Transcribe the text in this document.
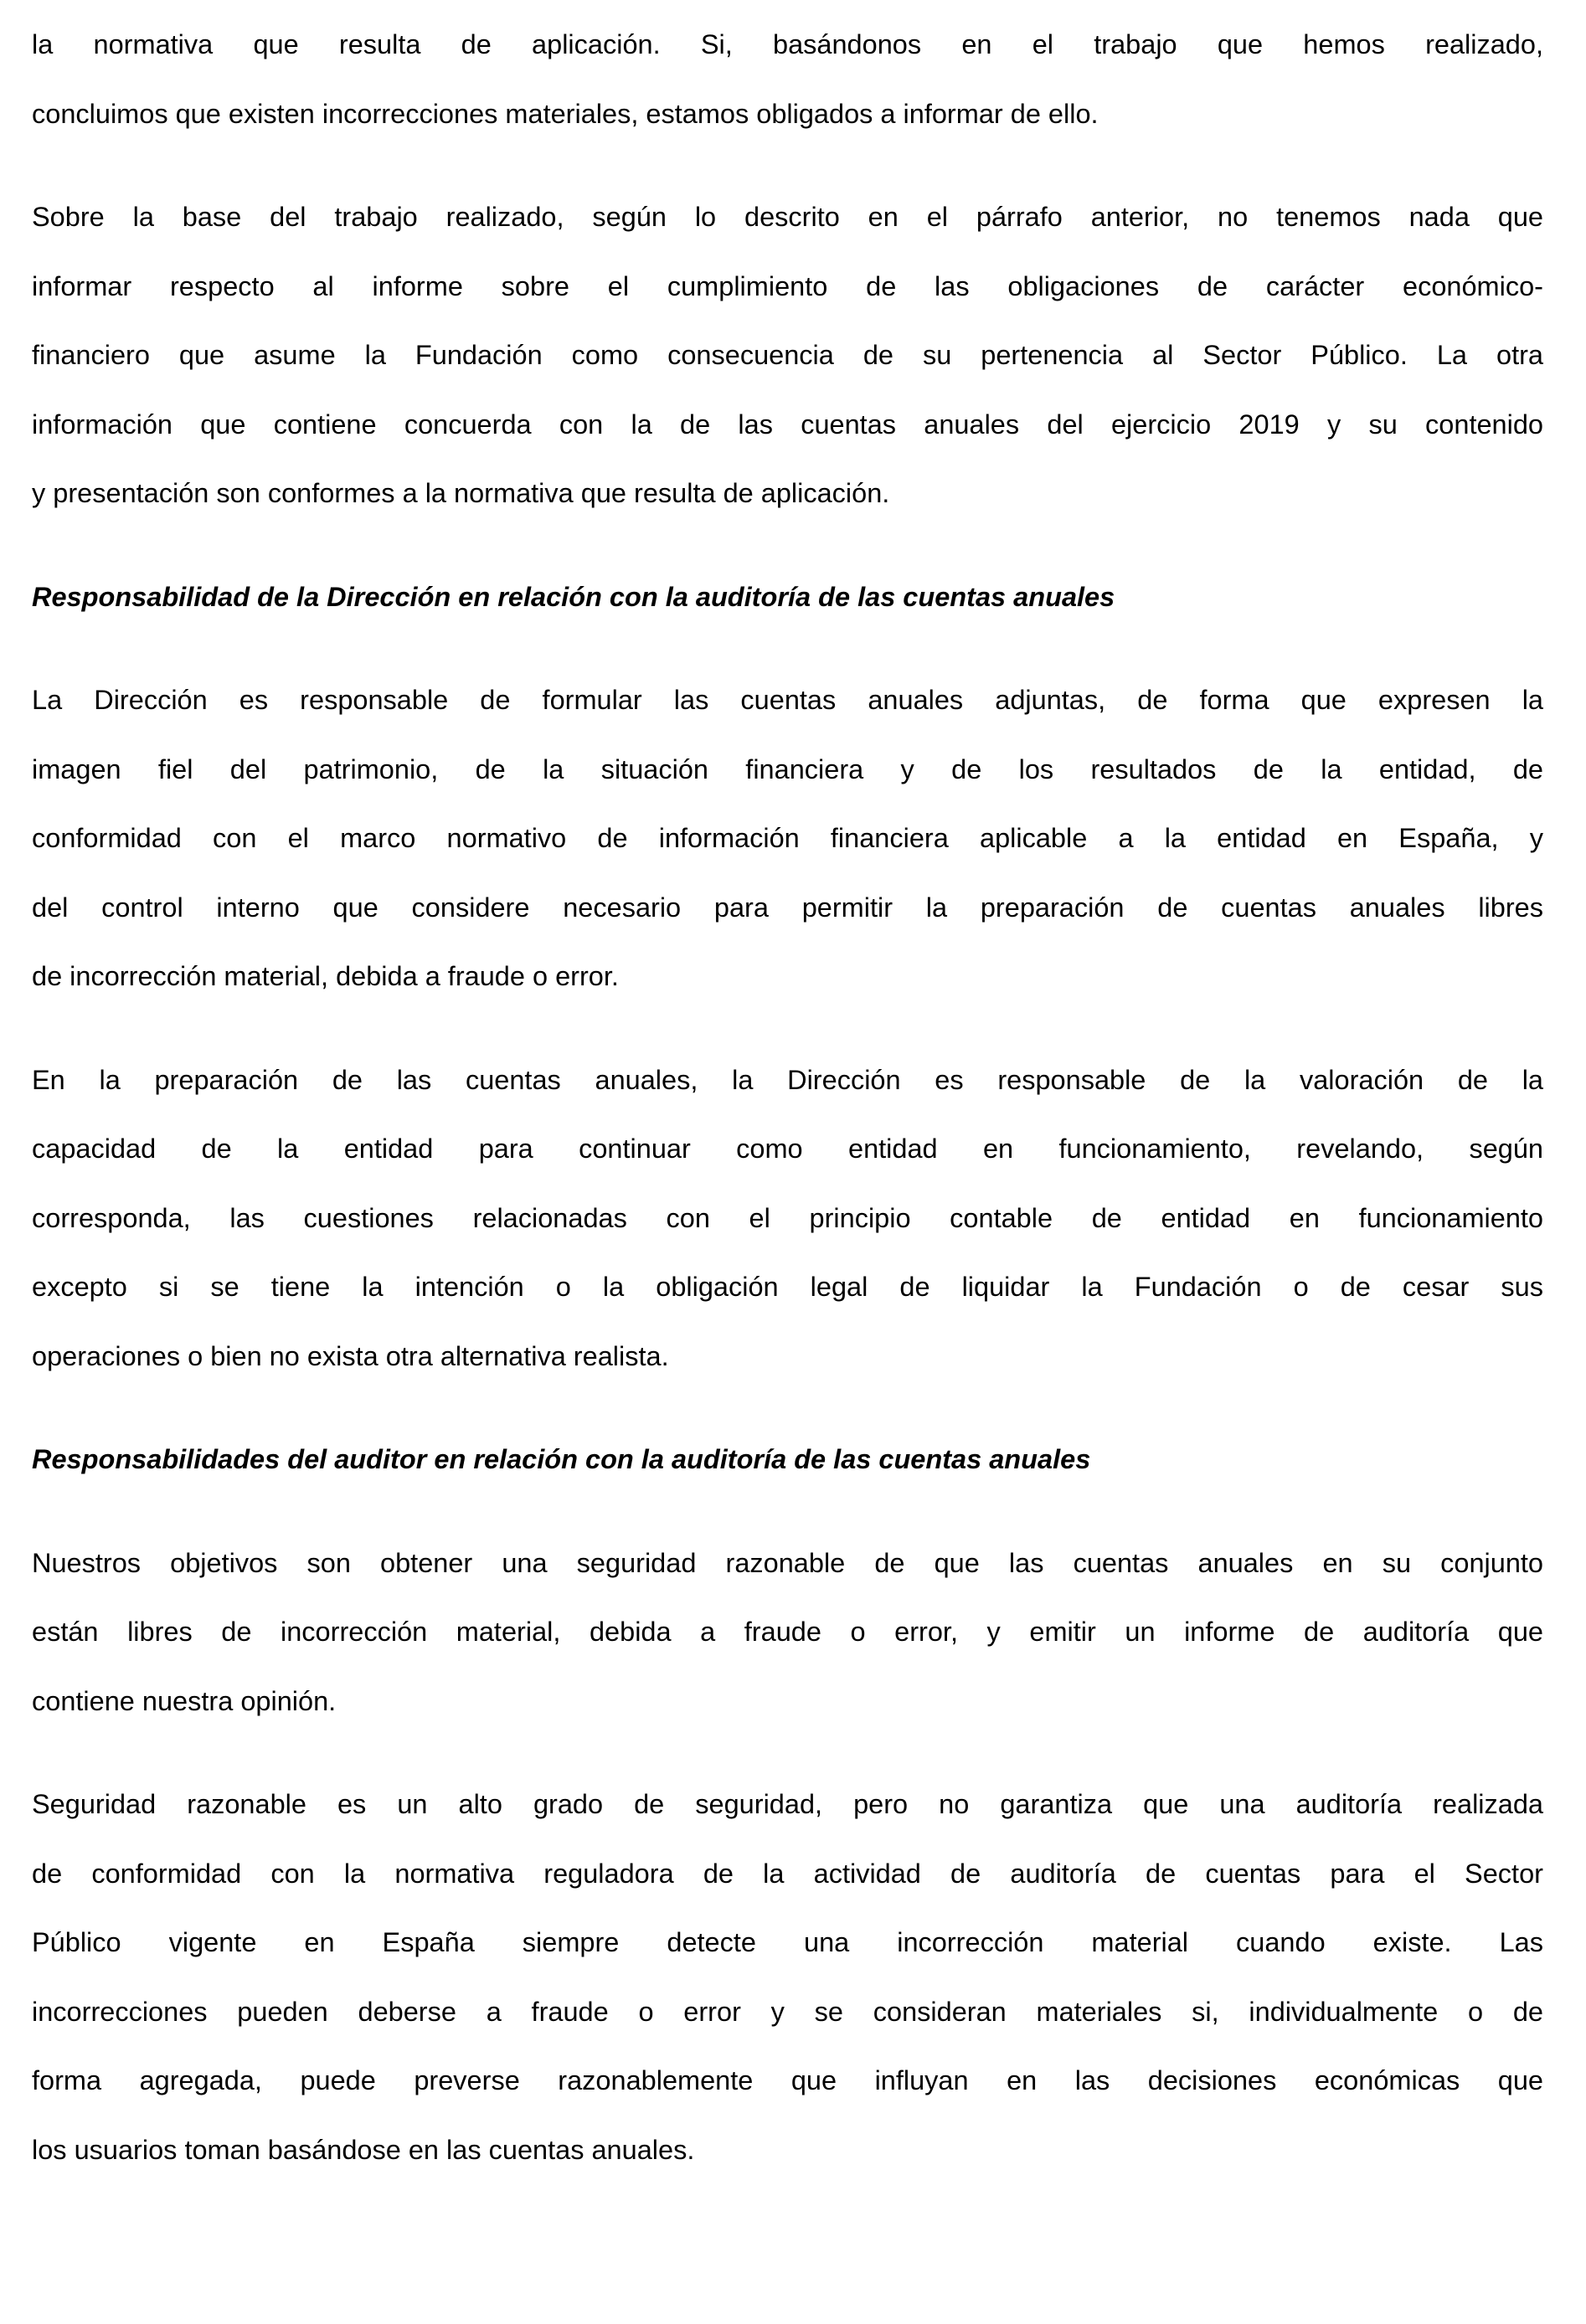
la normativa que resulta de aplicación. Si, basándonos en el trabajo que hemos realizado,
concluimos que existen incorrecciones materiales, estamos obligados a informar de ello.
Sobre la base del trabajo realizado, según lo descrito en el párrafo anterior, no tenemos nada que
informar respecto al informe sobre el cumplimiento de las obligaciones de carácter económico-
financiero que asume la Fundación como consecuencia de su pertenencia al Sector Público. La otra
información que contiene concuerda con la de las cuentas anuales del ejercicio 2019 y su contenido
y presentación son conformes a la normativa que resulta de aplicación.
Responsabilidad de la Dirección en relación con la auditoría de las cuentas anuales
La Dirección es responsable de formular las cuentas anuales adjuntas, de forma que expresen la
imagen fiel del patrimonio, de la situación financiera y de los resultados de la entidad, de
conformidad con el marco normativo de información financiera aplicable a la entidad en España, y
del control interno que considere necesario para permitir la preparación de cuentas anuales libres
de incorrección material, debida a fraude o error.
En la preparación de las cuentas anuales, la Dirección es responsable de la valoración de la
capacidad de la entidad para continuar como entidad en funcionamiento, revelando, según
corresponda, las cuestiones relacionadas con el principio contable de entidad en funcionamiento
excepto si se tiene la intención o la obligación legal de liquidar la Fundación o de cesar sus
operaciones o bien no exista otra alternativa realista.
Responsabilidades del auditor en relación con la auditoría de las cuentas anuales
Nuestros objetivos son obtener una seguridad razonable de que las cuentas anuales en su conjunto
están libres de incorrección material, debida a fraude o error, y emitir un informe de auditoría que
contiene nuestra opinión.
Seguridad razonable es un alto grado de seguridad, pero no garantiza que una auditoría realizada
de conformidad con la normativa reguladora de la actividad de auditoría de cuentas para el Sector
Público vigente en España siempre detecte una incorrección material cuando existe. Las
incorrecciones pueden deberse a fraude o error y se consideran materiales si, individualmente o de
forma agregada, puede preverse razonablemente que influyan en las decisiones económicas que
los usuarios toman basándose en las cuentas anuales.
